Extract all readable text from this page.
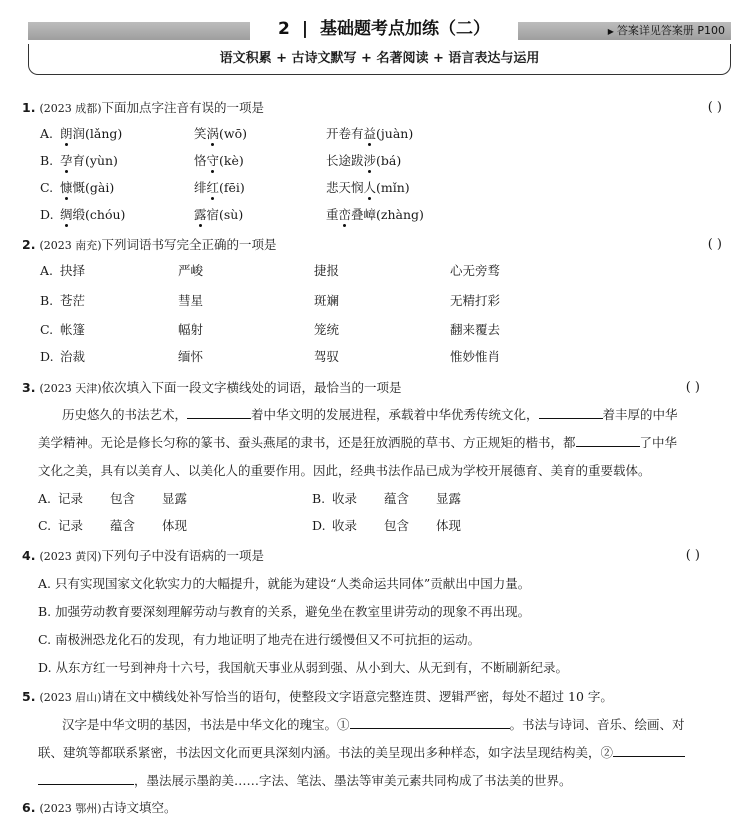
2 | 基础题考点加练（二）	▶ 答案详见答案册 P100
语文积累 + 古诗文默写 + 名著阅读 + 语言表达与运用
1. (2023 成都)下面加点字注音有误的一项是	( )
A. 朗润(lǎng)	笑涡(wō)	开卷有益(juàn)
B. 孕育(yùn)	恪守(kè)	长途跋涉(bá)
C. 慷慨(gài)	绯红(fēi)	悲天悯人(mǐn)
D. 绸缎(chóu)	露宿(sù)	重峦叠嶂(zhàng)
2. (2023 南充)下列词语书写完全正确的一项是	( )
A. 抉择	严峻	捷报	心无旁骛
B. 苍茫	彗星	斑斓	无精打彩
C. 帐篷	幅射	笼统	翻来覆去
D. 治裁	缅怀	驾驭	惟妙惟肖
3. (2023 天津)依次填入下面一段文字横线处的词语，最恰当的一项是	( )
历史悠久的书法艺术，	着中华文明的发展进程，承载着中华优秀传统文化，	着丰厚的中华
美学精神。无论是修长匀称的篆书、蚕头燕尾的隶书，还是狂放洒脱的草书、方正规矩的楷书，都	了中华
文化之美，具有以美育人、以美化人的重要作用。因此，经典书法作品已成为学校开展德育、美育的重要载体。
A. 记录 包含 显露	B. 收录 蕴含 显露
C. 记录 蕴含 体现	D. 收录 包含 体现
4. (2023 黄冈)下列句子中没有语病的一项是	( )
A. 只有实现国家文化软实力的大幅提升，就能为建设“人类命运共同体”贡献出中国力量。
B. 加强劳动教育要深刻理解劳动与教育的关系，避免坐在教室里讲劳动的现象不再出现。
C. 南极洲恐龙化石的发现，有力地证明了地壳在进行缓慢但又不可抗拒的运动。
D. 从东方红一号到神舟十六号，我国航天事业从弱到强、从小到大、从无到有，不断刷新纪录。
5. (2023 眉山)请在文中横线处补写恰当的语句，使整段文字语意完整连贯、逻辑严密，每处不超过 10 字。
汉字是中华文明的基因，书法是中华文化的瑰宝。①	。书法与诗词、音乐、绘画、对
联、建筑等都联系紧密，书法因文化而更具深刻内涵。书法的美呈现出多种样态，如字法呈现结构美，②
，墨法展示墨韵美……字法、笔法、墨法等审美元素共同构成了书法美的世界。
6. (2023 鄂州)古诗文填空。
